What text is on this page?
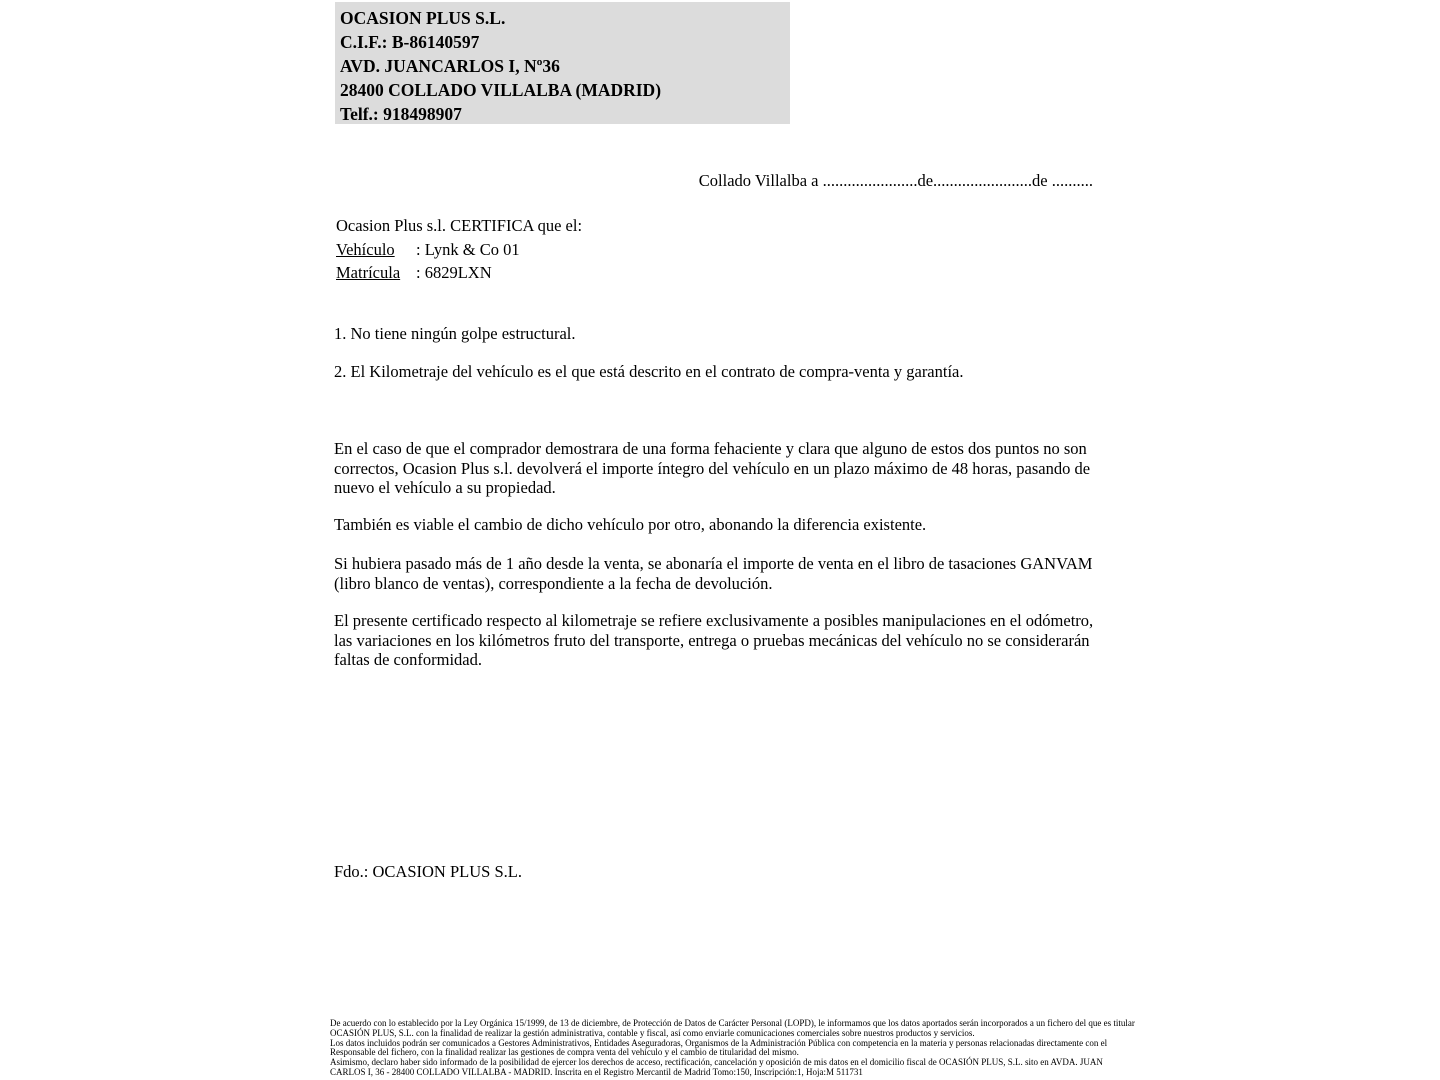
OCASION PLUS S.L.
C.I.F.: B-86140597
AVD. JUANCARLOS I, Nº36
28400 COLLADO VILLALBA (MADRID)
Telf.: 918498907
Collado Villalba a .......................de........................de ..........
Ocasion Plus s.l. CERTIFICA que el:
Vehículo : Lynk & Co 01
Matrícula : 6829LXN
1. No tiene ningún golpe estructural.
2. El Kilometraje del vehículo es el que está descrito en el contrato de compra-venta y garantía.
En el caso de que el comprador demostrara de una forma fehaciente y clara que alguno de estos dos puntos no son correctos, Ocasion Plus s.l. devolverá el importe íntegro del vehículo en un plazo máximo de 48 horas, pasando de nuevo el vehículo a su propiedad.
También es viable el cambio de dicho vehículo por otro, abonando la diferencia existente.
Si hubiera pasado más de 1 año desde la venta, se abonaría el importe de venta en el libro de tasaciones GANVAM (libro blanco de ventas), correspondiente a la fecha de devolución.
El presente certificado respecto al kilometraje se refiere exclusivamente a posibles manipulaciones en el odómetro, las variaciones en los kilómetros fruto del transporte, entrega o pruebas mecánicas del vehículo no se considerarán faltas de conformidad.
Fdo.: OCASION PLUS S.L.
De acuerdo con lo establecido por la Ley Orgánica 15/1999, de 13 de diciembre, de Protección de Datos de Carácter Personal (LOPD), le informamos que los datos aportados serán incorporados a un fichero del que es titular
OCASIÓN PLUS, S.L. con la finalidad de realizar la gestión administrativa, contable y fiscal, así como enviarle comunicaciones comerciales sobre nuestros productos y servicios.
Los datos incluidos podrán ser comunicados a Gestores Administrativos, Entidades Aseguradoras, Organismos de la Administración Pública con competencia en la materia y personas relacionadas directamente con el
Responsable del fichero, con la finalidad realizar las gestiones de compra venta del vehículo y el cambio de titularidad del mismo.
Asimismo, declaro haber sido informado de la posibilidad de ejercer los derechos de acceso, rectificación, cancelación y oposición de mis datos en el domicilio fiscal de OCASIÓN PLUS, S.L. sito en AVDA. JUAN
CARLOS I, 36 - 28400 COLLADO VILLALBA - MADRID. Inscrita en el Registro Mercantil de Madrid Tomo:150, Inscripción:1, Hoja:M 511731
